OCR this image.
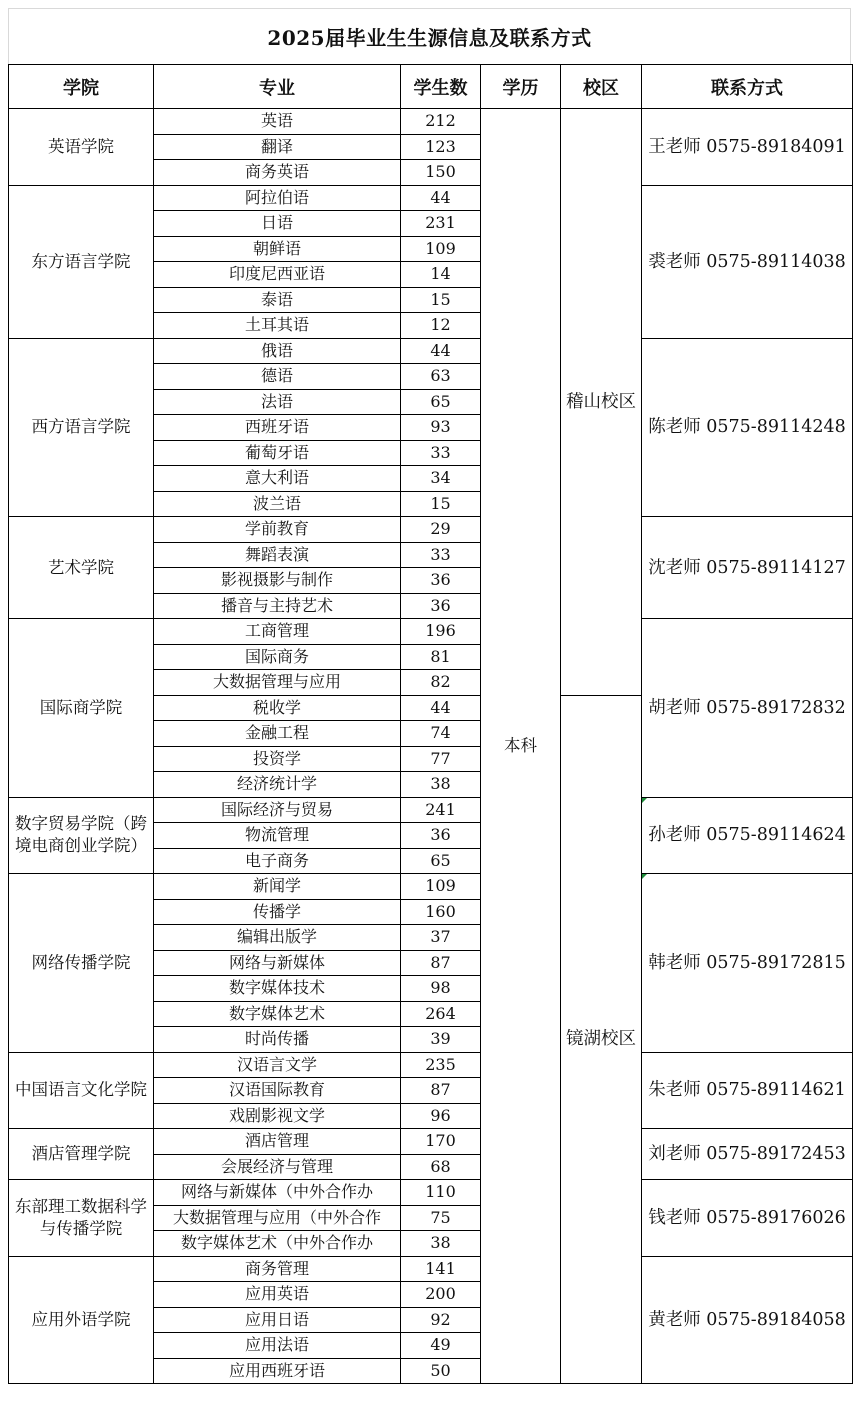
2025届毕业生生源信息及联系方式
学院	专业	学生数	学历	校区	联系方式
英语学院	英语	212	本科	稽山校区	王老师 0575-89184091
	翻译	123			
	商务英语	150			
东方语言学院	阿拉伯语	44			裘老师 0575-89114038
	日语	231			
	朝鲜语	109			
	印度尼西亚语	14			
	泰语	15			
	土耳其语	12			
西方语言学院	俄语	44			陈老师 0575-89114248
	德语	63			
	法语	65			
	西班牙语	93			
	葡萄牙语	33			
	意大利语	34			
	波兰语	15			
艺术学院	学前教育	29			沈老师 0575-89114127
	舞蹈表演	33			
	影视摄影与制作	36			
	播音与主持艺术	36			
国际商学院	工商管理	196			胡老师 0575-89172832
	国际商务	81			
	大数据管理与应用	82			
	税收学	44		镜湖校区	
	金融工程	74			
	投资学	77			
	经济统计学	38			
数字贸易学院（跨境电商创业学院）	国际经济与贸易	241			孙老师 0575-89114624
	物流管理	36			
	电子商务	65			
网络传播学院	新闻学	109			韩老师 0575-89172815
	传播学	160			
	编辑出版学	37			
	网络与新媒体	87			
	数字媒体技术	98			
	数字媒体艺术	264			
	时尚传播	39			
中国语言文化学院	汉语言文学	235			朱老师 0575-89114621
	汉语国际教育	87			
	戏剧影视文学	96			
酒店管理学院	酒店管理	170			刘老师 0575-89172453
	会展经济与管理	68			
东部理工数据科学与传播学院	网络与新媒体（中外合作办	110			钱老师 0575-89176026
	大数据管理与应用（中外合作	75			
	数字媒体艺术（中外合作办	38			
应用外语学院	商务管理	141			黄老师 0575-89184058
	应用英语	200			
	应用日语	92			
	应用法语	49			
	应用西班牙语	50			
